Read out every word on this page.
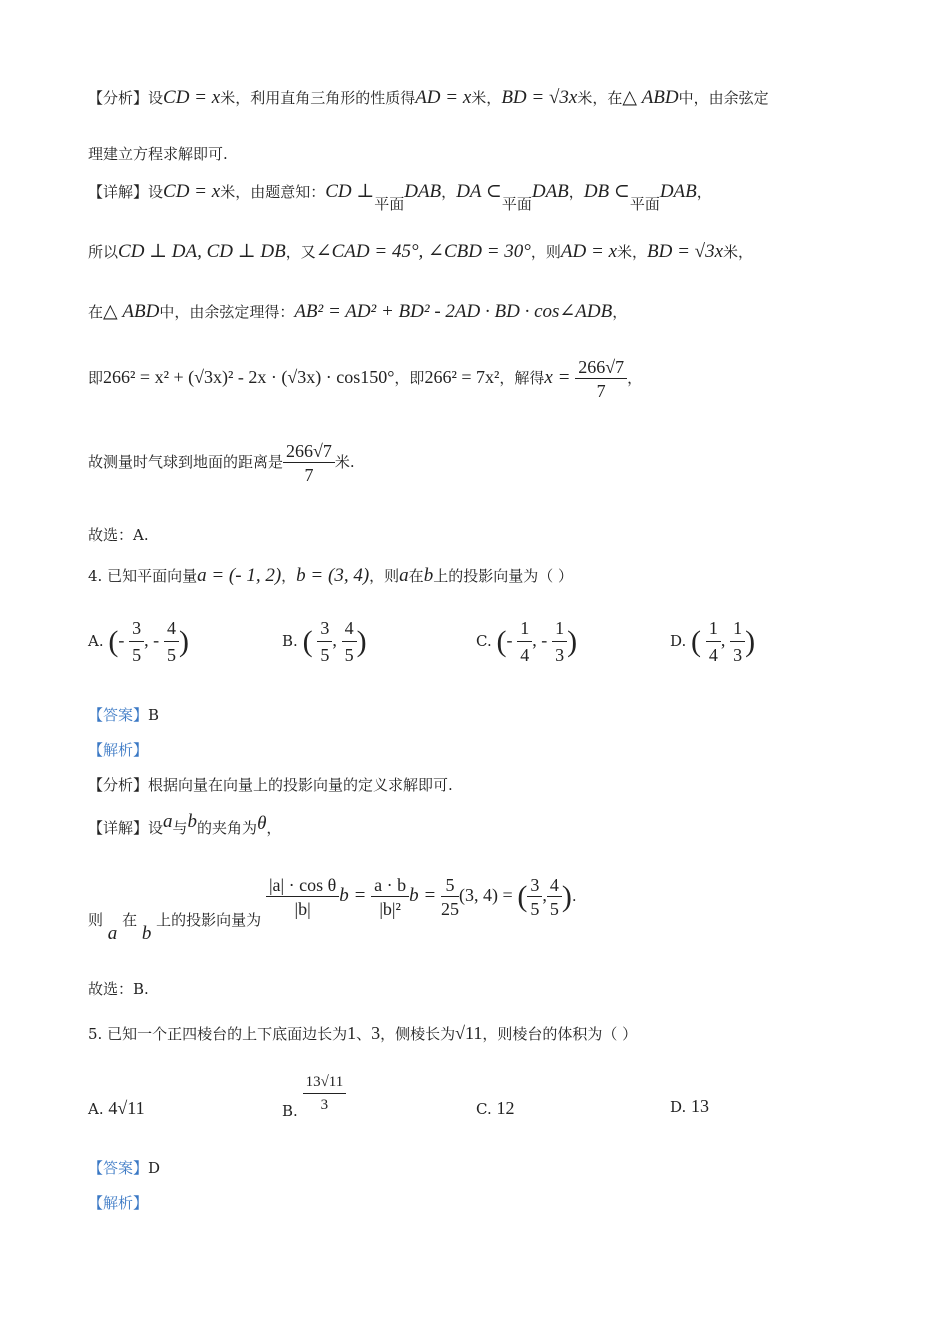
【分析】设CD = x米，利用直角三角形的性质得AD = x米，BD = √3x米，在△ ABD中，由余弦定
理建立方程求解即可.
【详解】设CD = x米，由题意知：CD ⊥平面DAB，DA ⊂平面DAB，DB ⊂平面DAB，
所以CD ⊥ DA, CD ⊥ DB，又∠CAD = 45°, ∠CBD = 30°，则AD = x米，BD = √3x米，
在△ ABD中，由余弦定理得：AB² = AD² + BD² - 2AD · BD · cos∠ADB，
即266² = x² + (√3x)² - 2x · (√3x) · cos150°，即266² = 7x²，解得$x = \frac{266√7}{7}$ ，
故测量时气球到地面的距离是 $\frac{266√7}{7}$ 米.
故选：A.
4. 已知平面向量a = (- 1, 2)，b = (3, 4)，则a在b上的投影向量为（ ）
A. (- $\frac{3}{5}$ , - $\frac{4}{5}$ )	B. ( $\frac{3}{5}$ , $\frac{4}{5}$ )	C. (- $\frac{1}{4}$ , - $\frac{1}{3}$ )	D. ( $\frac{1}{4}$ , $\frac{1}{3}$ )
【答案】B
【解析】
【分析】根据向量在向量上的投影向量的定义求解即可.
【详解】设a与b的夹角为θ，
则 a 在 b 上的投影向量为
$\frac{\text{|a| · cos θ}}{|b|}$ $b = \frac{a \cdot b}{\text{|b|²}}$ $b = \frac{5}{25} (3$, 4) = ( $\frac{3}{5}$ , $\frac{4}{5}$ ).
故选：B.
5. 已知一个正四棱台的上下底面边长为1、3，侧棱长为√11，则棱台的体积为（ ）
A. 4√11	B. $\frac{13√11}{3}$	C. 12	D. 13
【答案】D
【解析】
